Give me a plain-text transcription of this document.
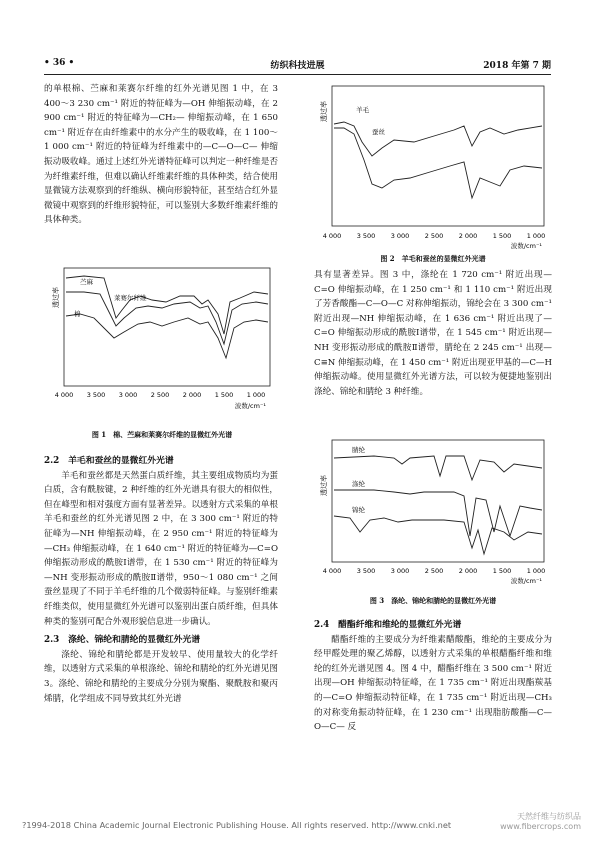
• 36 •	纺织科技进展	2018 年第 7 期

的单根棉、苎麻和莱赛尔纤维的红外光谱见图 1 中，在 3 400～3 230 cm⁻¹ 附近的特征峰为—OH 伸缩振动峰，在 2 900 cm⁻¹ 附近的特征峰为—CH₂— 伸缩振动峰，在 1 650 cm⁻¹ 附近存在由纤维素中的水分产生的吸收峰，在 1 100～1 000 cm⁻¹ 附近的特征峰为纤维素中的—C—O—C— 伸缩振动吸收峰。通过上述红外光谱特征峰可以判定一种纤维是否为纤维素纤维，但难以确认纤维素纤维的具体种类，结合使用显微镜方法观察到的纤维纵、横向形貌特征，甚至结合红外显微镜中观察到的纤维形貌特征，可以鉴别大多数纤维素纤维的具体种类。

透过率
苎麻
莱赛尔纤维
棉
4 000 3 500 3 000 2 500 2 000 1 500 1 000
波数/cm⁻¹
图 1　棉、苎麻和莱赛尔纤维的显微红外光谱
2.2　羊毛和蚕丝的显微红外光谱

羊毛和蚕丝都是天然蛋白质纤维，其主要组成物质均为蛋白质，含有酰胺键，2 种纤维的红外光谱具有很大的相似性，但在峰型和相对强度方面有显著差异。以透射方式采集的单根羊毛和蚕丝的红外光谱见图 2 中，在 3 300 cm⁻¹ 附近的特征峰为—NH 伸缩振动峰，在 2 950 cm⁻¹ 附近的特征峰为—CH₃ 伸缩振动峰，在 1 640 cm⁻¹ 附近的特征峰为—C=O 伸缩振动形成的酰胺Ⅰ谱带，在 1 530 cm⁻¹ 附近的特征峰为—NH 变形振动形成的酰胺Ⅱ谱带，950～1 080 cm⁻¹ 之间蚕丝显现了不同于羊毛纤维的几个微弱特征峰。与鉴别纤维素纤维类似，使用显微红外光谱可以鉴别出蛋白质纤维，但具体种类的鉴别可配合外观形貌信息进一步确认。

2.3　涤纶、锦纶和腈纶的显微红外光谱

涤纶、锦纶和腈纶都是开发较早、使用量较大的化学纤维，以透射方式采集的单根涤纶、锦纶和腈纶的红外光谱见图 3。涤纶、锦纶和腈纶的主要成分分别为聚酯、聚酰胺和聚丙烯腈，化学组成不同导致其红外光谱

透过率	羊毛
蚕丝
4 000 3 500 3 000 2 500 2 000 1 500 1 000
波数/cm⁻¹
图 2　羊毛和蚕丝的显微红外光谱

具有显著差异。图 3 中，涤纶在 1 720 cm⁻¹ 附近出现—C=O 伸缩振动峰，在 1 250 cm⁻¹ 和 1 110 cm⁻¹ 附近出现了芳香酸酯—C—O—C 对称伸缩振动，锦纶会在 3 300 cm⁻¹ 附近出现—NH 伸缩振动峰，在 1 636 cm⁻¹ 附近出现了—C=O 伸缩振动形成的酰胺Ⅰ谱带，在 1 545 cm⁻¹ 附近出现—NH 变形振动形成的酰胺Ⅱ谱带，腈纶在 2 245 cm⁻¹ 出现—C≡N 伸缩振动峰，在 1 450 cm⁻¹ 附近出现亚甲基的—C—H 伸缩振动峰。使用显微红外光谱方法，可以较为便捷地鉴别出涤纶、锦纶和腈纶 3 种纤维。

透过率
腈纶
涤纶
锦纶
4 000 3 500 3 000 2 500 2 000 1 500 1 000
波数/cm⁻¹
图 3　涤纶、锦纶和腈纶的显微红外光谱
2.4　醋酯纤维和维纶的显微红外光谱

醋酯纤维的主要成分为纤维素醋酸酯，维纶的主要成分为经甲醛处理的聚乙烯醇，以透射方式采集的单根醋酯纤维和维纶的红外光谱见图 4。图 4 中，醋酯纤维在 3 500 cm⁻¹ 附近出现—OH 伸缩振动特征峰，在 1 735 cm⁻¹ 附近出现酯羰基的—C=O 伸缩振动特征峰，在 1 735 cm⁻¹ 附近出现—CH₃ 的对称变角振动特征峰，在 1 230 cm⁻¹ 出现脂肪酸酯—C—O—C— 反

?1994-2018 China Academic Journal Electronic Publishing House. All rights reserved. http://www.cnki.net
天然纤维与纺织品
www.fibercrops.com
